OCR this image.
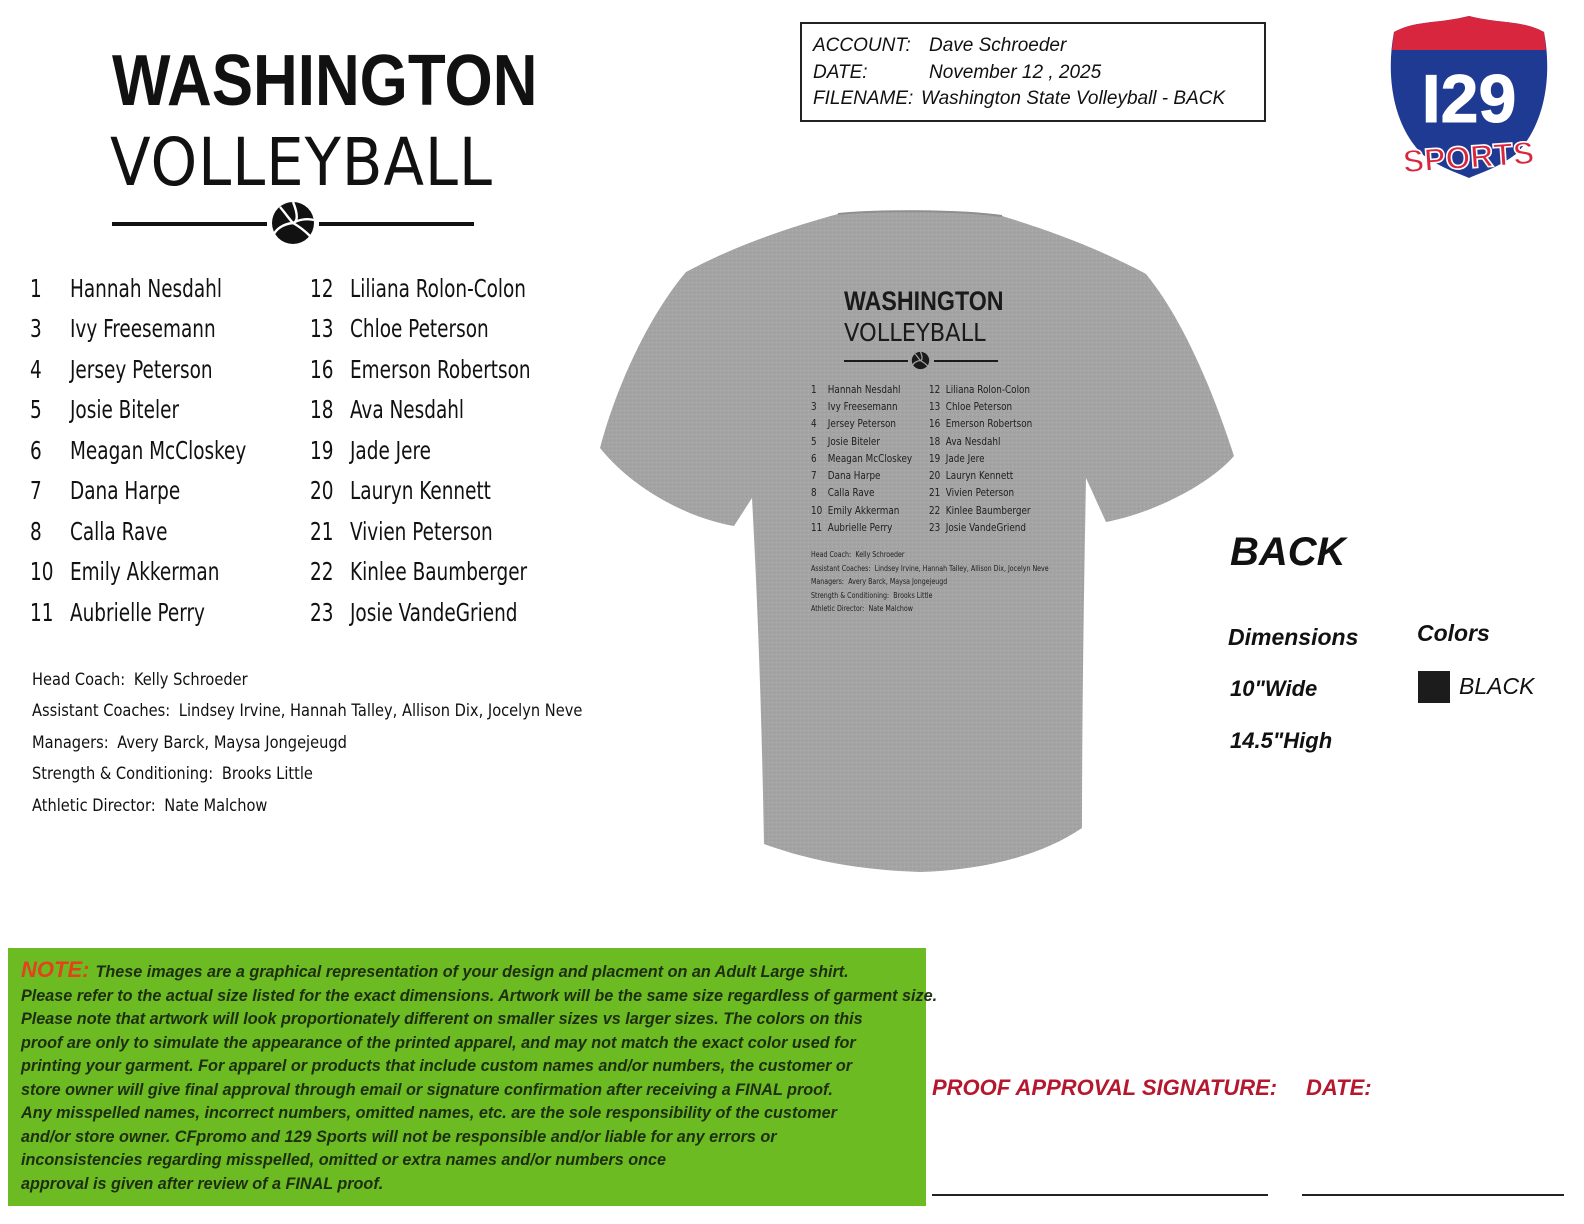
WASHINGTON
VOLLEYBALL
1	Hannah Nesdahl
3	Ivy Freesemann
4	Jersey Peterson
5	Josie Biteler
6	Meagan McCloskey
7	Dana Harpe
8	Calla Rave
10 Emily Akkerman
11 Aubrielle Perry
12 Liliana Rolon-Colon
13 Chloe Peterson
16 Emerson Robertson
18 Ava Nesdahl
19 Jade Jere
20 Lauryn Kennett
21 Vivien Peterson
22 Kinlee Baumberger
23 Josie VandeGriend
Head Coach: Kelly Schroeder
Assistant Coaches: Lindsey Irvine, Hannah Talley, Allison Dix, Jocelyn Neve
Managers: Avery Barck, Maysa Jongejeugd
Strength & Conditioning: Brooks Little
Athletic Director: Nate Malchow
ACCOUNT: Dave Schroeder
DATE:	November 12 , 2025
FILENAME: Washington State Volleyball - BACK	I29
SPORTS
WASHINGTON
VOLLEYBALL
1	Hannah Nesdahl
3	Ivy Freesemann
4	Jersey Peterson
5	Josie Biteler
6	Meagan McCloskey
7	Dana Harpe
8	Calla Rave
10 Emily Akkerman
11 Aubrielle Perry
12 Liliana Rolon-Colon
13 Chloe Peterson
16 Emerson Robertson
18 Ava Nesdahl
19 Jade Jere
20 Lauryn Kennett
21 Vivien Peterson
22 Kinlee Baumberger
23 Josie VandeGriend
Head Coach: Kelly Schroeder
Assistant Coaches: Lindsey Irvine, Hannah Talley, Allison Dix, Jocelyn Neve
Managers: Avery Barck, Maysa Jongejeugd
Strength & Conditioning: Brooks Little
Athletic Director: Nate Malchow
BACK
Dimensions
10"Wide
14.5"High
Colors
BLACK
NOTE: These images are a graphical representation of your design and placment on an Adult Large shirt.
Please refer to the actual size listed for the exact dimensions. Artwork will be the same size regardless of garment size.
Please note that artwork will look proportionately different on smaller sizes vs larger sizes. The colors on this
proof are only to simulate the appearance of the printed apparel, and may not match the exact color used for
printing your garment. For apparel or products that include custom names and/or numbers, the customer or
store owner will give final approval through email or signature confirmation after receiving a FINAL proof.
Any misspelled names, incorrect numbers, omitted names, etc. are the sole responsibility of the customer
and/or store owner. CFpromo and 129 Sports will not be responsible and/or liable for any errors or
inconsistencies regarding misspelled, omitted or extra names and/or numbers once
approval is given after review of a FINAL proof.
PROOF APPROVAL SIGNATURE: DATE:
